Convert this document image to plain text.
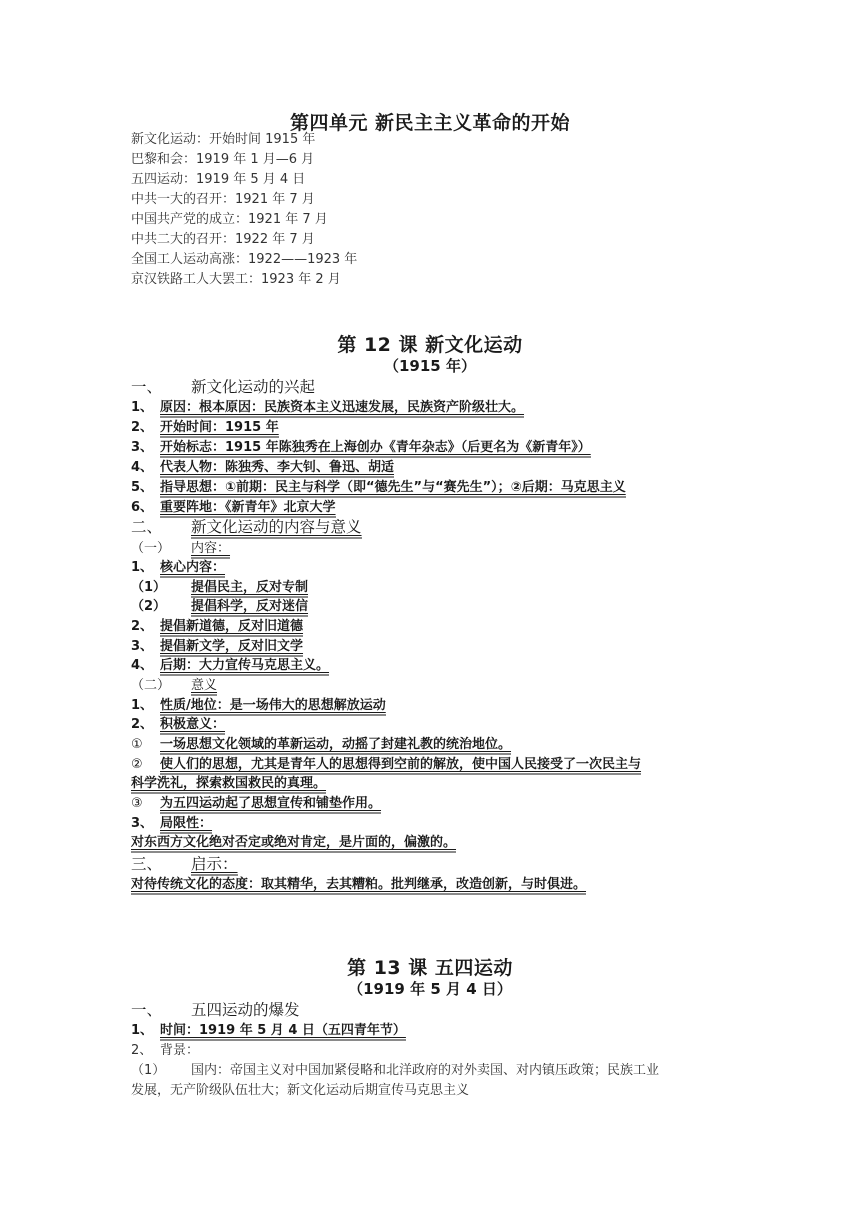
第四单元 新民主主义革命的开始
新文化运动：开始时间 1915 年
巴黎和会：1919 年 1 月—6 月
五四运动：1919 年 5 月 4 日
中共一大的召开：1921 年 7 月
中国共产党的成立：1921 年 7 月
中共二大的召开：1922 年 7 月
全国工人运动高涨：1922——1923 年
京汉铁路工人大罢工：1923 年 2 月
第 12 课 新文化运动
（1915 年）
一、 新文化运动的兴起
1、 原因：根本原因：民族资本主义迅速发展，民族资产阶级壮大。
2、 开始时间：1915 年
3、 开始标志：1915 年陈独秀在上海创办《青年杂志》（后更名为《新青年》）
4、 代表人物：陈独秀、李大钊、鲁迅、胡适
5、 指导思想：①前期：民主与科学（即“德先生”与“赛先生”）；②后期：马克思主义
6、 重要阵地：《新青年》北京大学
二、 新文化运动的内容与意义
（一） 内容：
1、 核心内容：
（1） 提倡民主，反对专制
（2） 提倡科学，反对迷信
2、 提倡新道德，反对旧道德
3、 提倡新文学，反对旧文学
4、 后期：大力宣传马克思主义。
（二） 意义
1、 性质/地位：是一场伟大的思想解放运动
2、 积极意义：
① 一场思想文化领域的革新运动，动摇了封建礼教的统治地位。
② 使人们的思想，尤其是青年人的思想得到空前的解放，使中国人民接受了一次民主与
科学洗礼，探索救国救民的真理。
③ 为五四运动起了思想宣传和铺垫作用。
3、 局限性：
对东西方文化绝对否定或绝对肯定，是片面的，偏激的。
三、 启示：
对待传统文化的态度：取其精华，去其糟粕。批判继承，改造创新，与时俱进。
第 13 课 五四运动
（1919 年 5 月 4 日）
一、 五四运动的爆发
1、 时间：1919 年 5 月 4 日（五四青年节）
2、 背景：
（1） 国内：帝国主义对中国加紧侵略和北洋政府的对外卖国、对内镇压政策；民族工业
发展，无产阶级队伍壮大；新文化运动后期宣传马克思主义
